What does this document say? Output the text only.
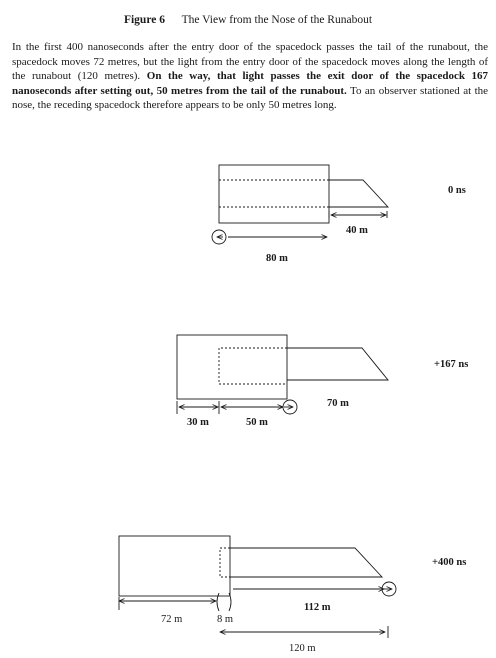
Figure 6 The View from the Nose of the Runabout
In the first 400 nanoseconds after the entry door of the spacedock passes the tail of the runabout, the spacedock moves 72 metres, but the light from the entry door of the spacedock moves along the length of the runabout (120 metres). On the way, that light passes the exit door of the spacedock 167 nanoseconds after setting out, 50 metres from the tail of the runabout. To an observer stationed at the nose, the receding spacedock therefore appears to be only 50 metres long.
40 m
80 m
0 ns
70 m
30 m	50 m
+167 ns
112 m
72 m	8 m
120 m
+400 ns
